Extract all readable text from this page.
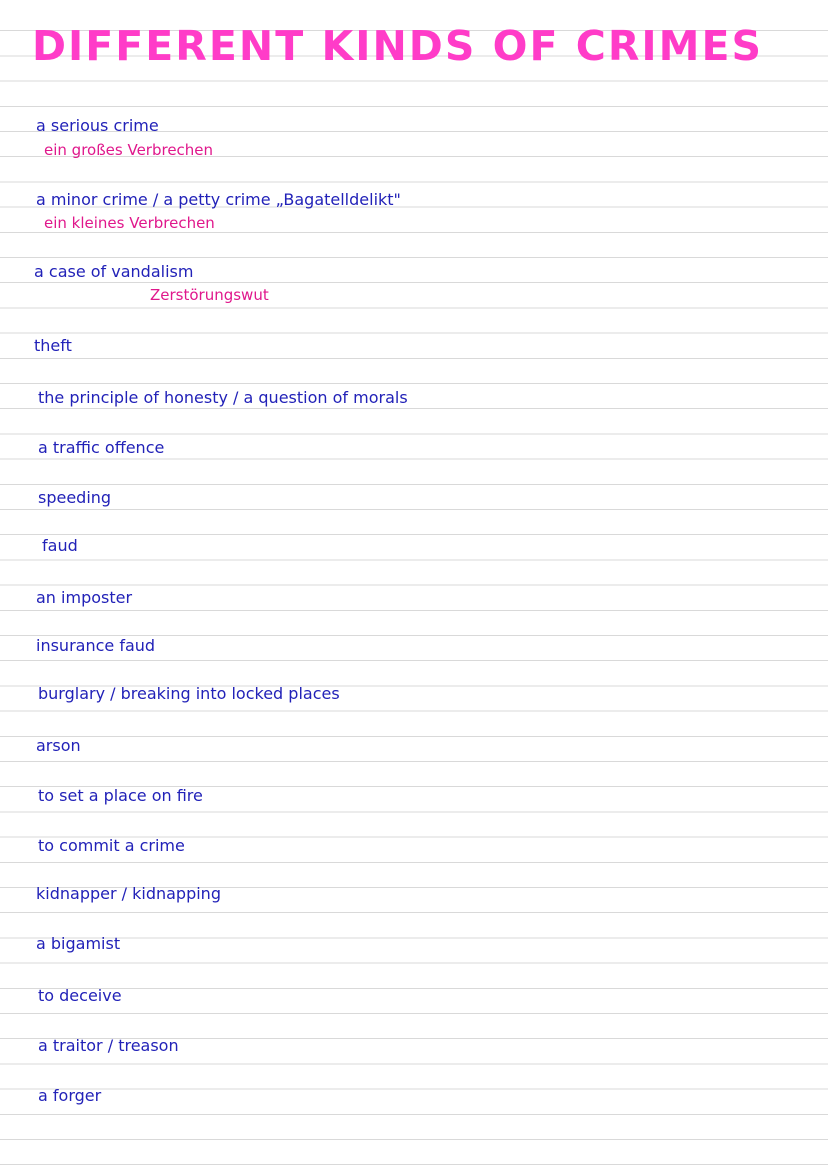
DIFFERENT KINDS OF CRIMES
a serious crime
ein großes Verbrechen
a minor crime / a petty crime „Bagatelldelikt"
ein kleines Verbrechen
a case of vandalism
Zerstörungswut
theft
the principle of honesty / a question of morals
a traffic offence
speeding
faud
an imposter
insurance faud
burglary / breaking into locked places
arson
to set a place on fire
to commit a crime
kidnapper / kidnapping
a bigamist
to deceive
a traitor / treason
a forger
